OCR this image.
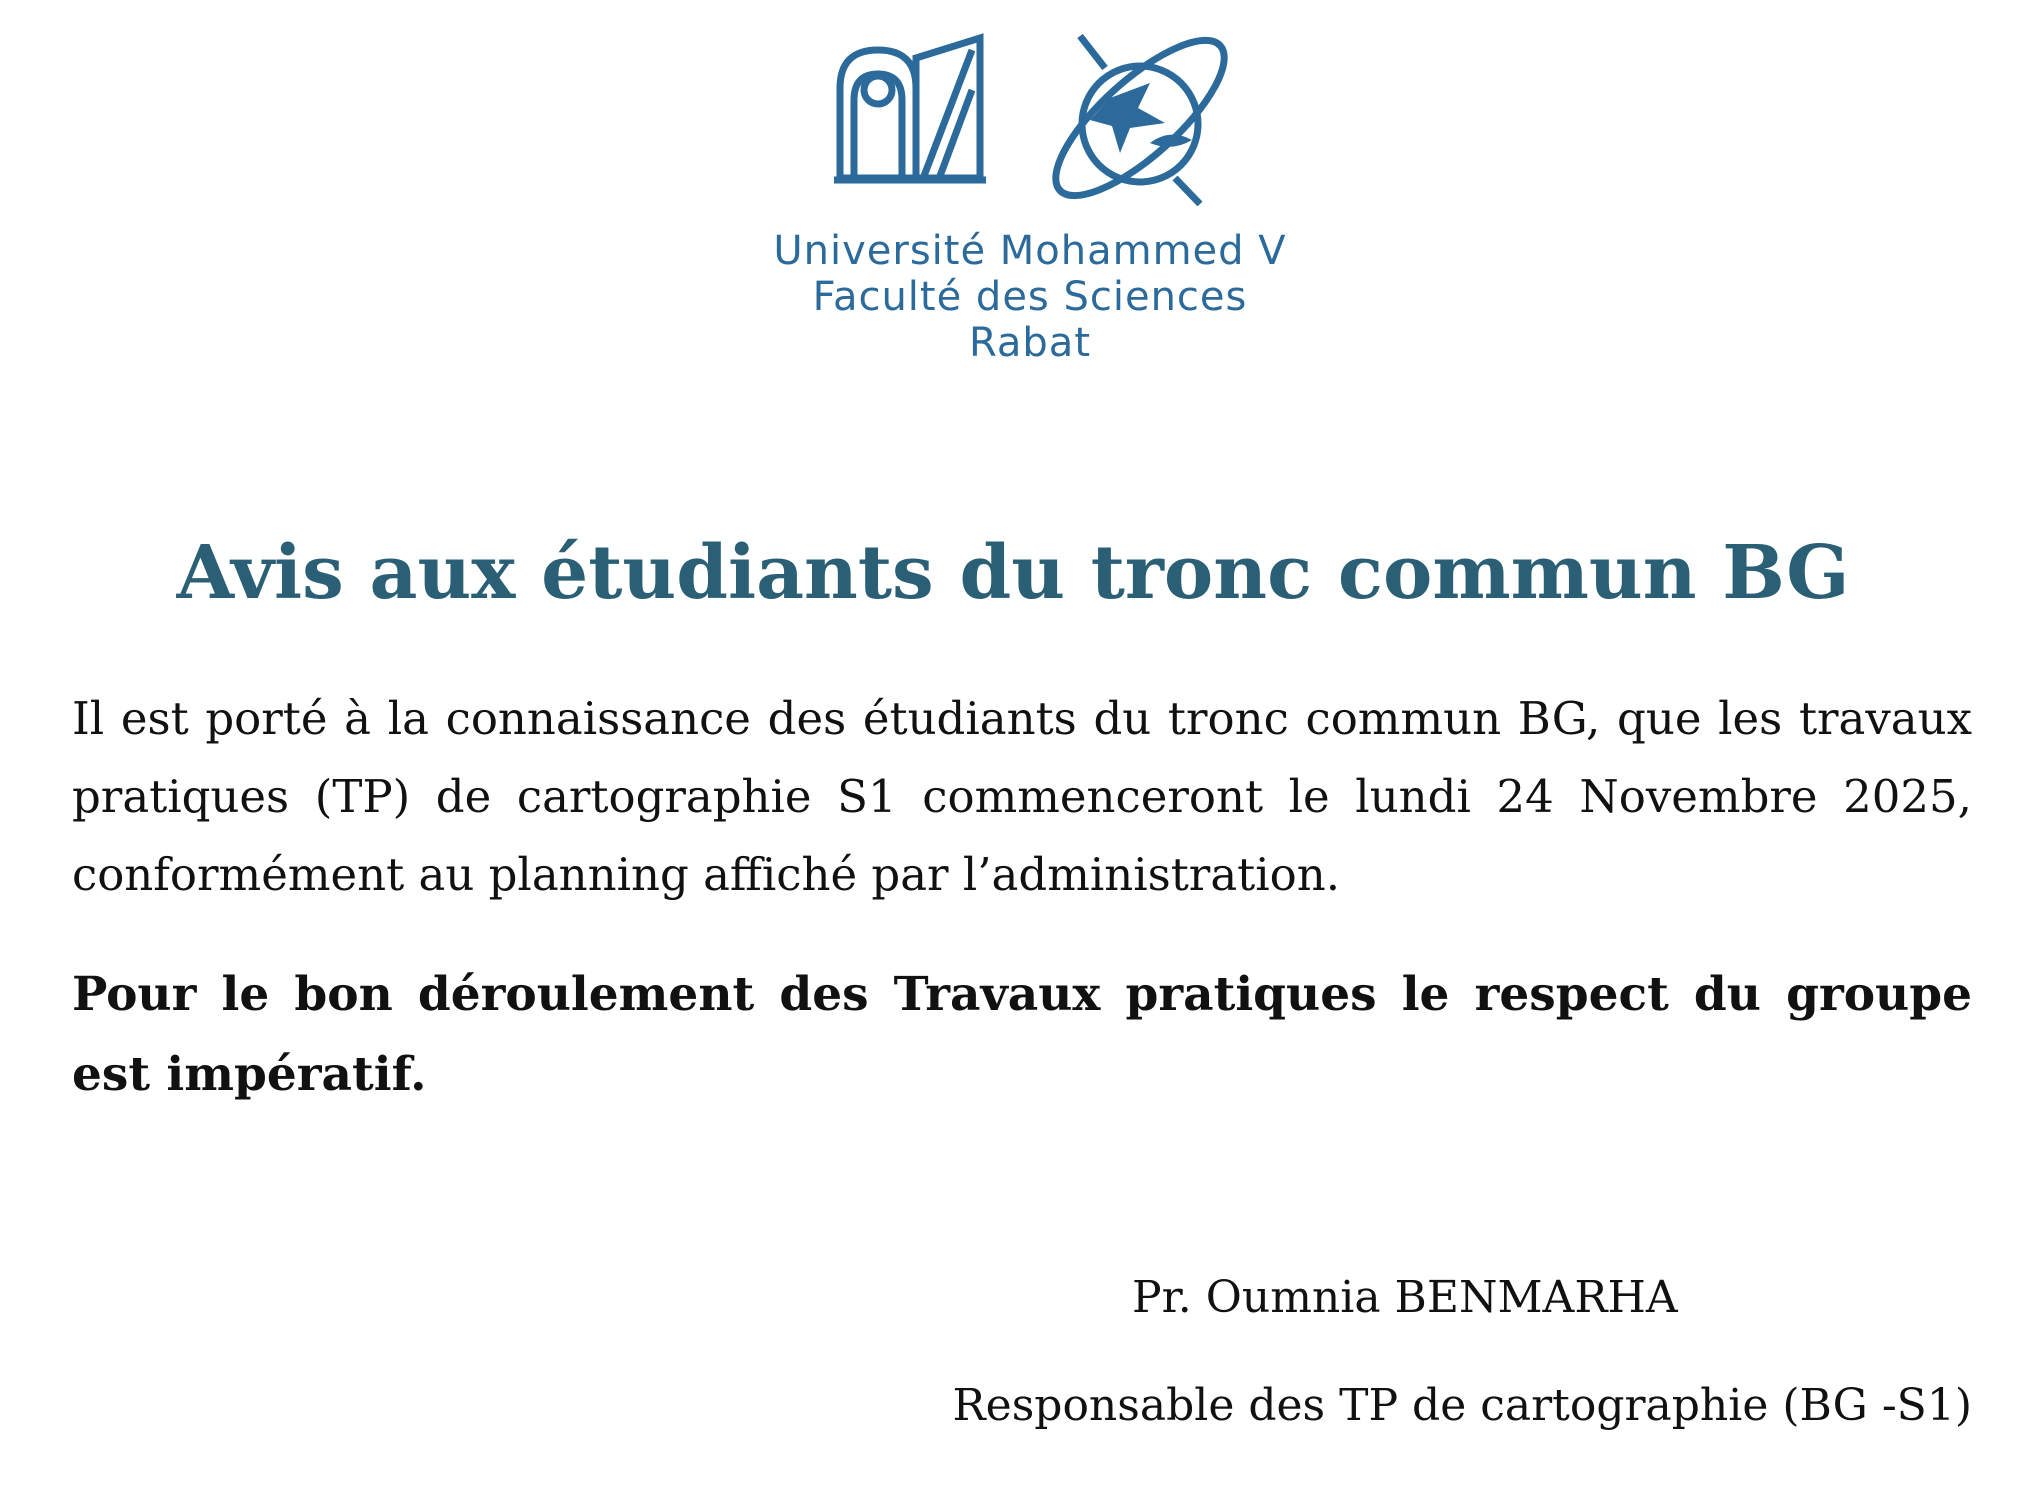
Université Mohammed V
Faculté des Sciences
Rabat
Avis aux étudiants du tronc commun BG
Il est porté à la connaissance des étudiants du tronc commun BG, que les travaux pratiques (TP) de cartographie S1 commenceront le lundi 24 Novembre 2025, conformément au planning affiché par l’administration.
Pour le bon déroulement des Travaux pratiques le respect du groupe est impératif.
Pr. Oumnia BENMARHA
Responsable des TP de cartographie (BG -S1)
